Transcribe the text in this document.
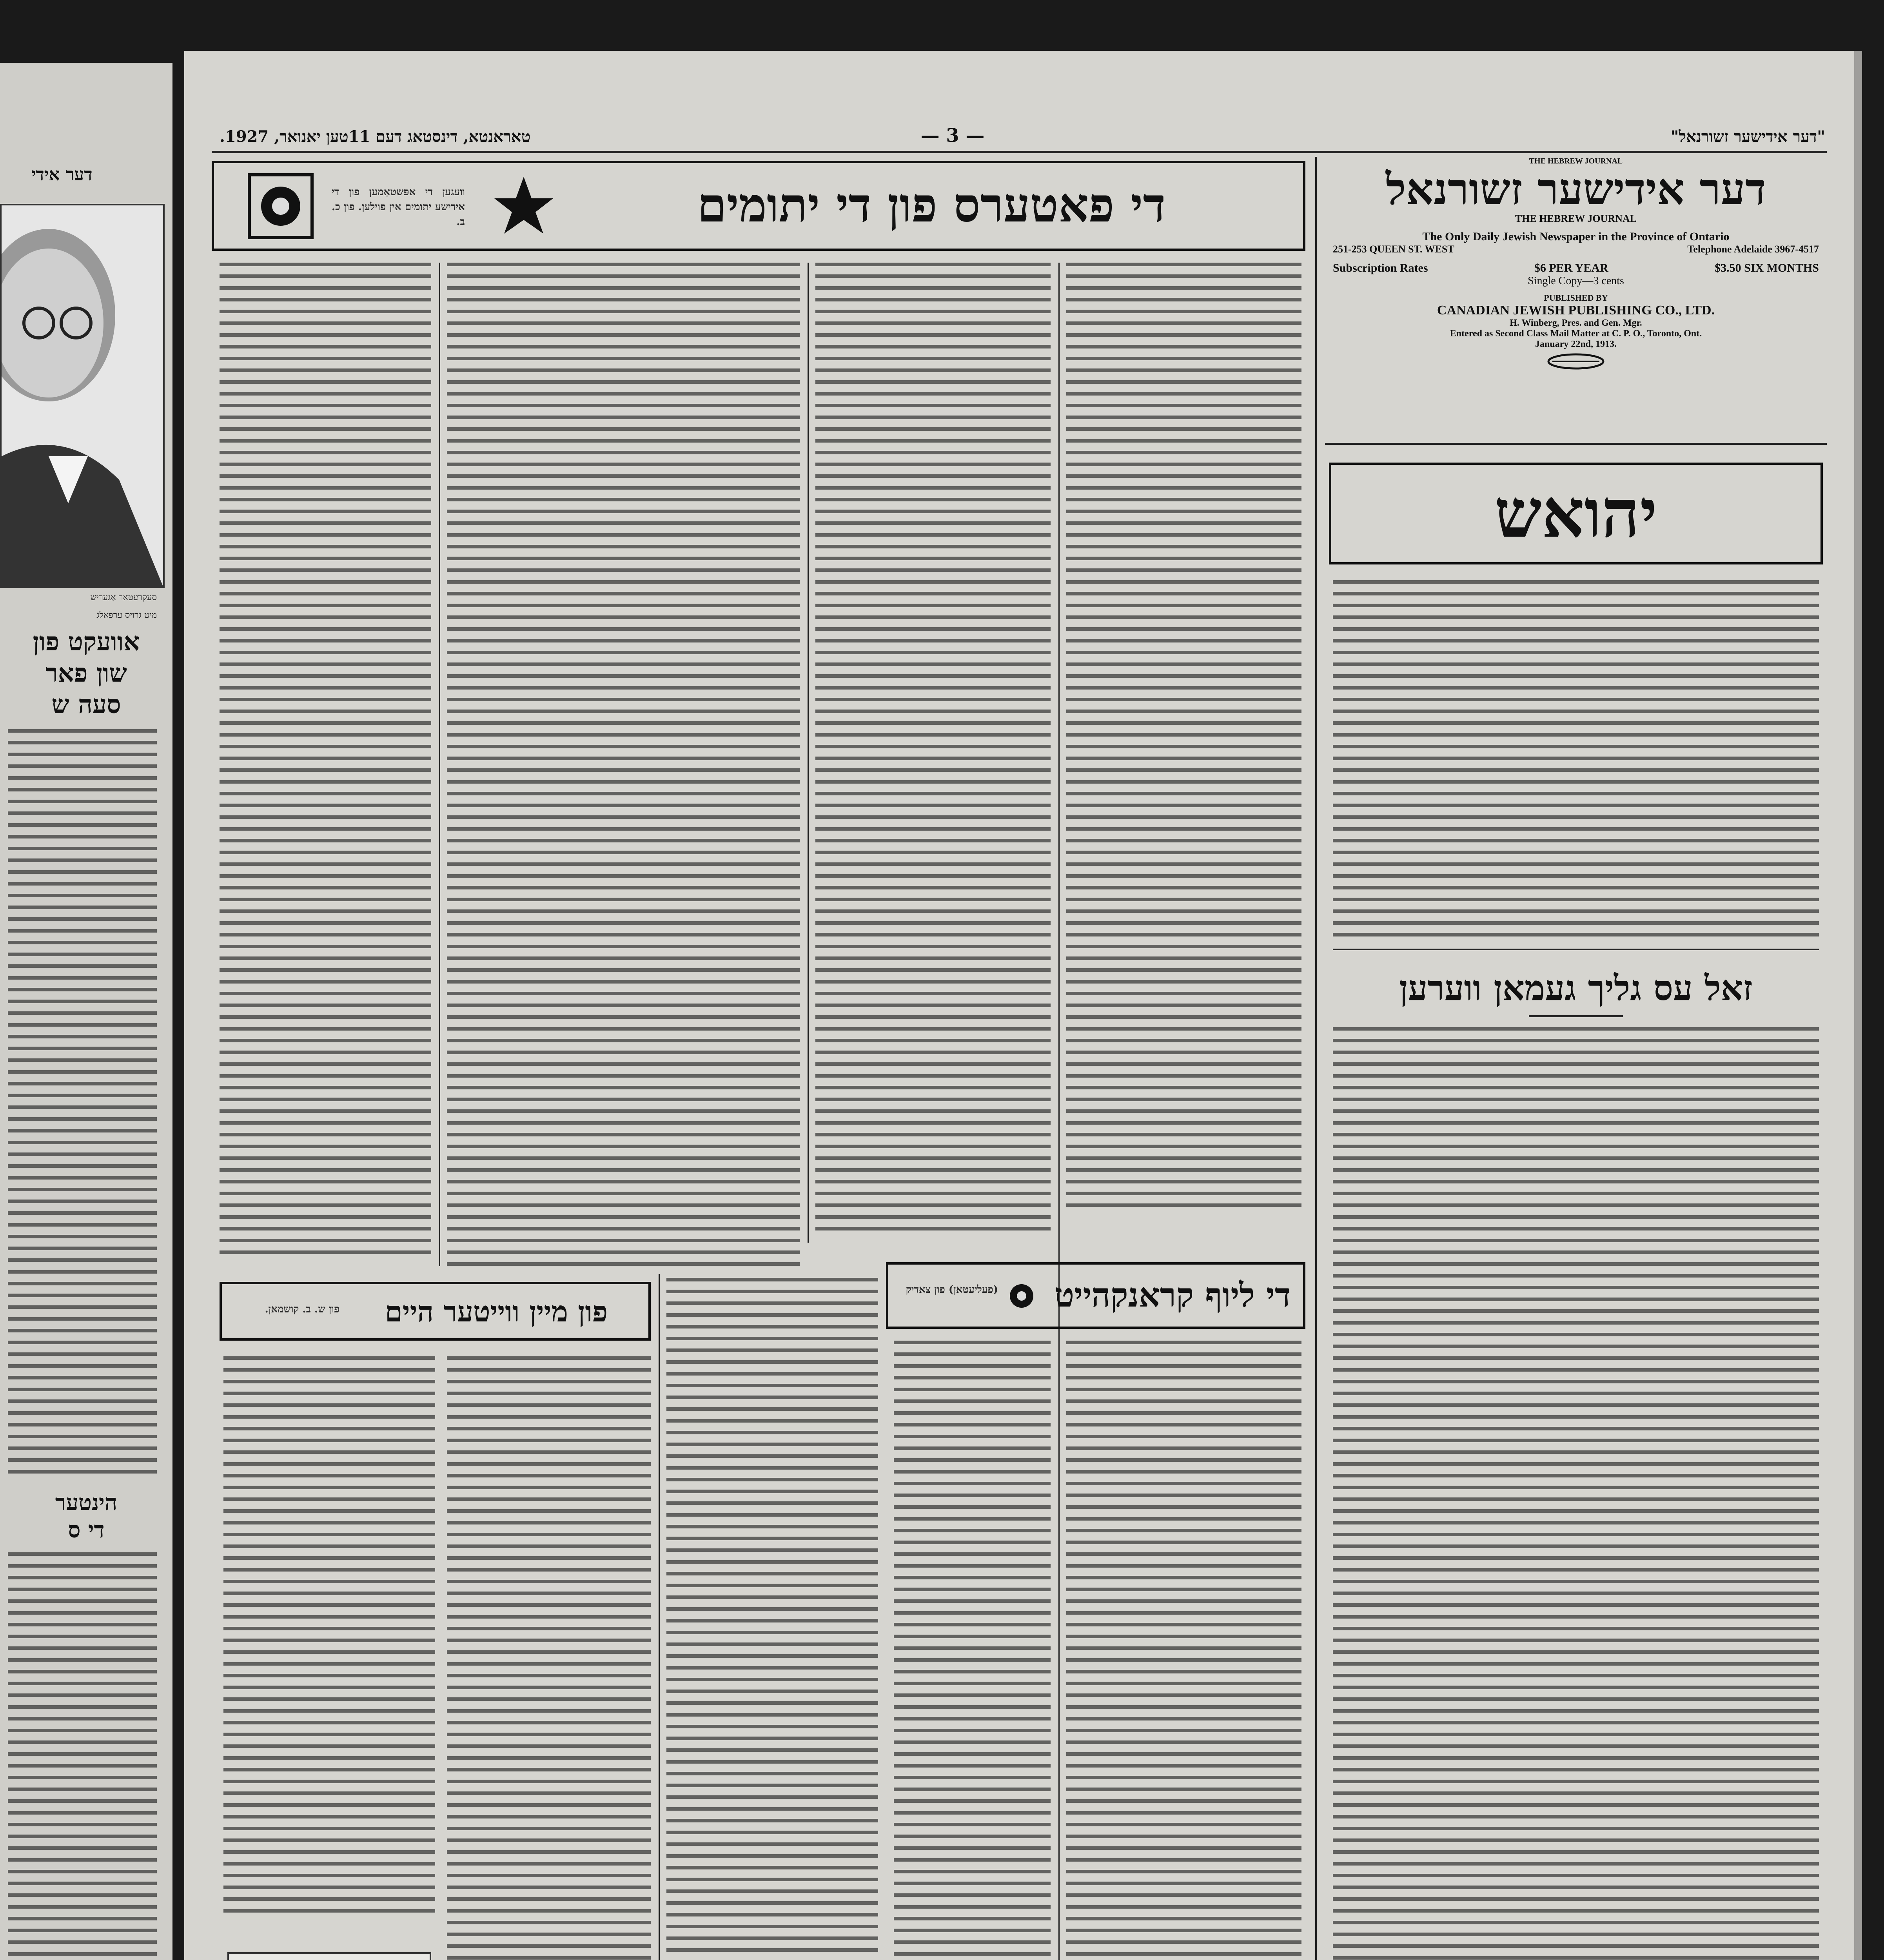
דער אידי
סעקרעטאר אַגעריש
מיט גרויס ערפאלג
אוועקט פון
שון פאר
סעה ש
הינטער
די ס
"דער אידישער זשורנאל"
— 3 —
טאראנטא, דינסטאג דעם 11טען יאנואר, 1927.
THE HEBREW JOURNAL
דער אידישער זשורנאל
THE HEBREW JOURNAL
The Only Daily Jewish Newspaper in the Province of Ontario
251-253 QUEEN ST. WEST	Telephone Adelaide 3967-4517
Subscription Rates	$6 PER YEAR	$3.50 SIX MONTHS
Single Copy—3 cents
PUBLISHED BY
CANADIAN JEWISH PUBLISHING CO., LTD.
H. Winberg, Pres. and Gen. Mgr.
Entered as Second Class Mail Matter at C. P. O., Toronto, Ont.
January 22nd, 1913.
יהואש
זאל עס גליך געמאן ווערען
װעגען די אפּשטאַמען פון די אידישע יתומים אין פוילען. פון כ. ב.	די פאטערס פון די יתומים
(פעליעטאן) פון צאדיק די ליוף קראנקהייט
פון ש. ב. קושמאן.	פון מיין ווייטער היים
